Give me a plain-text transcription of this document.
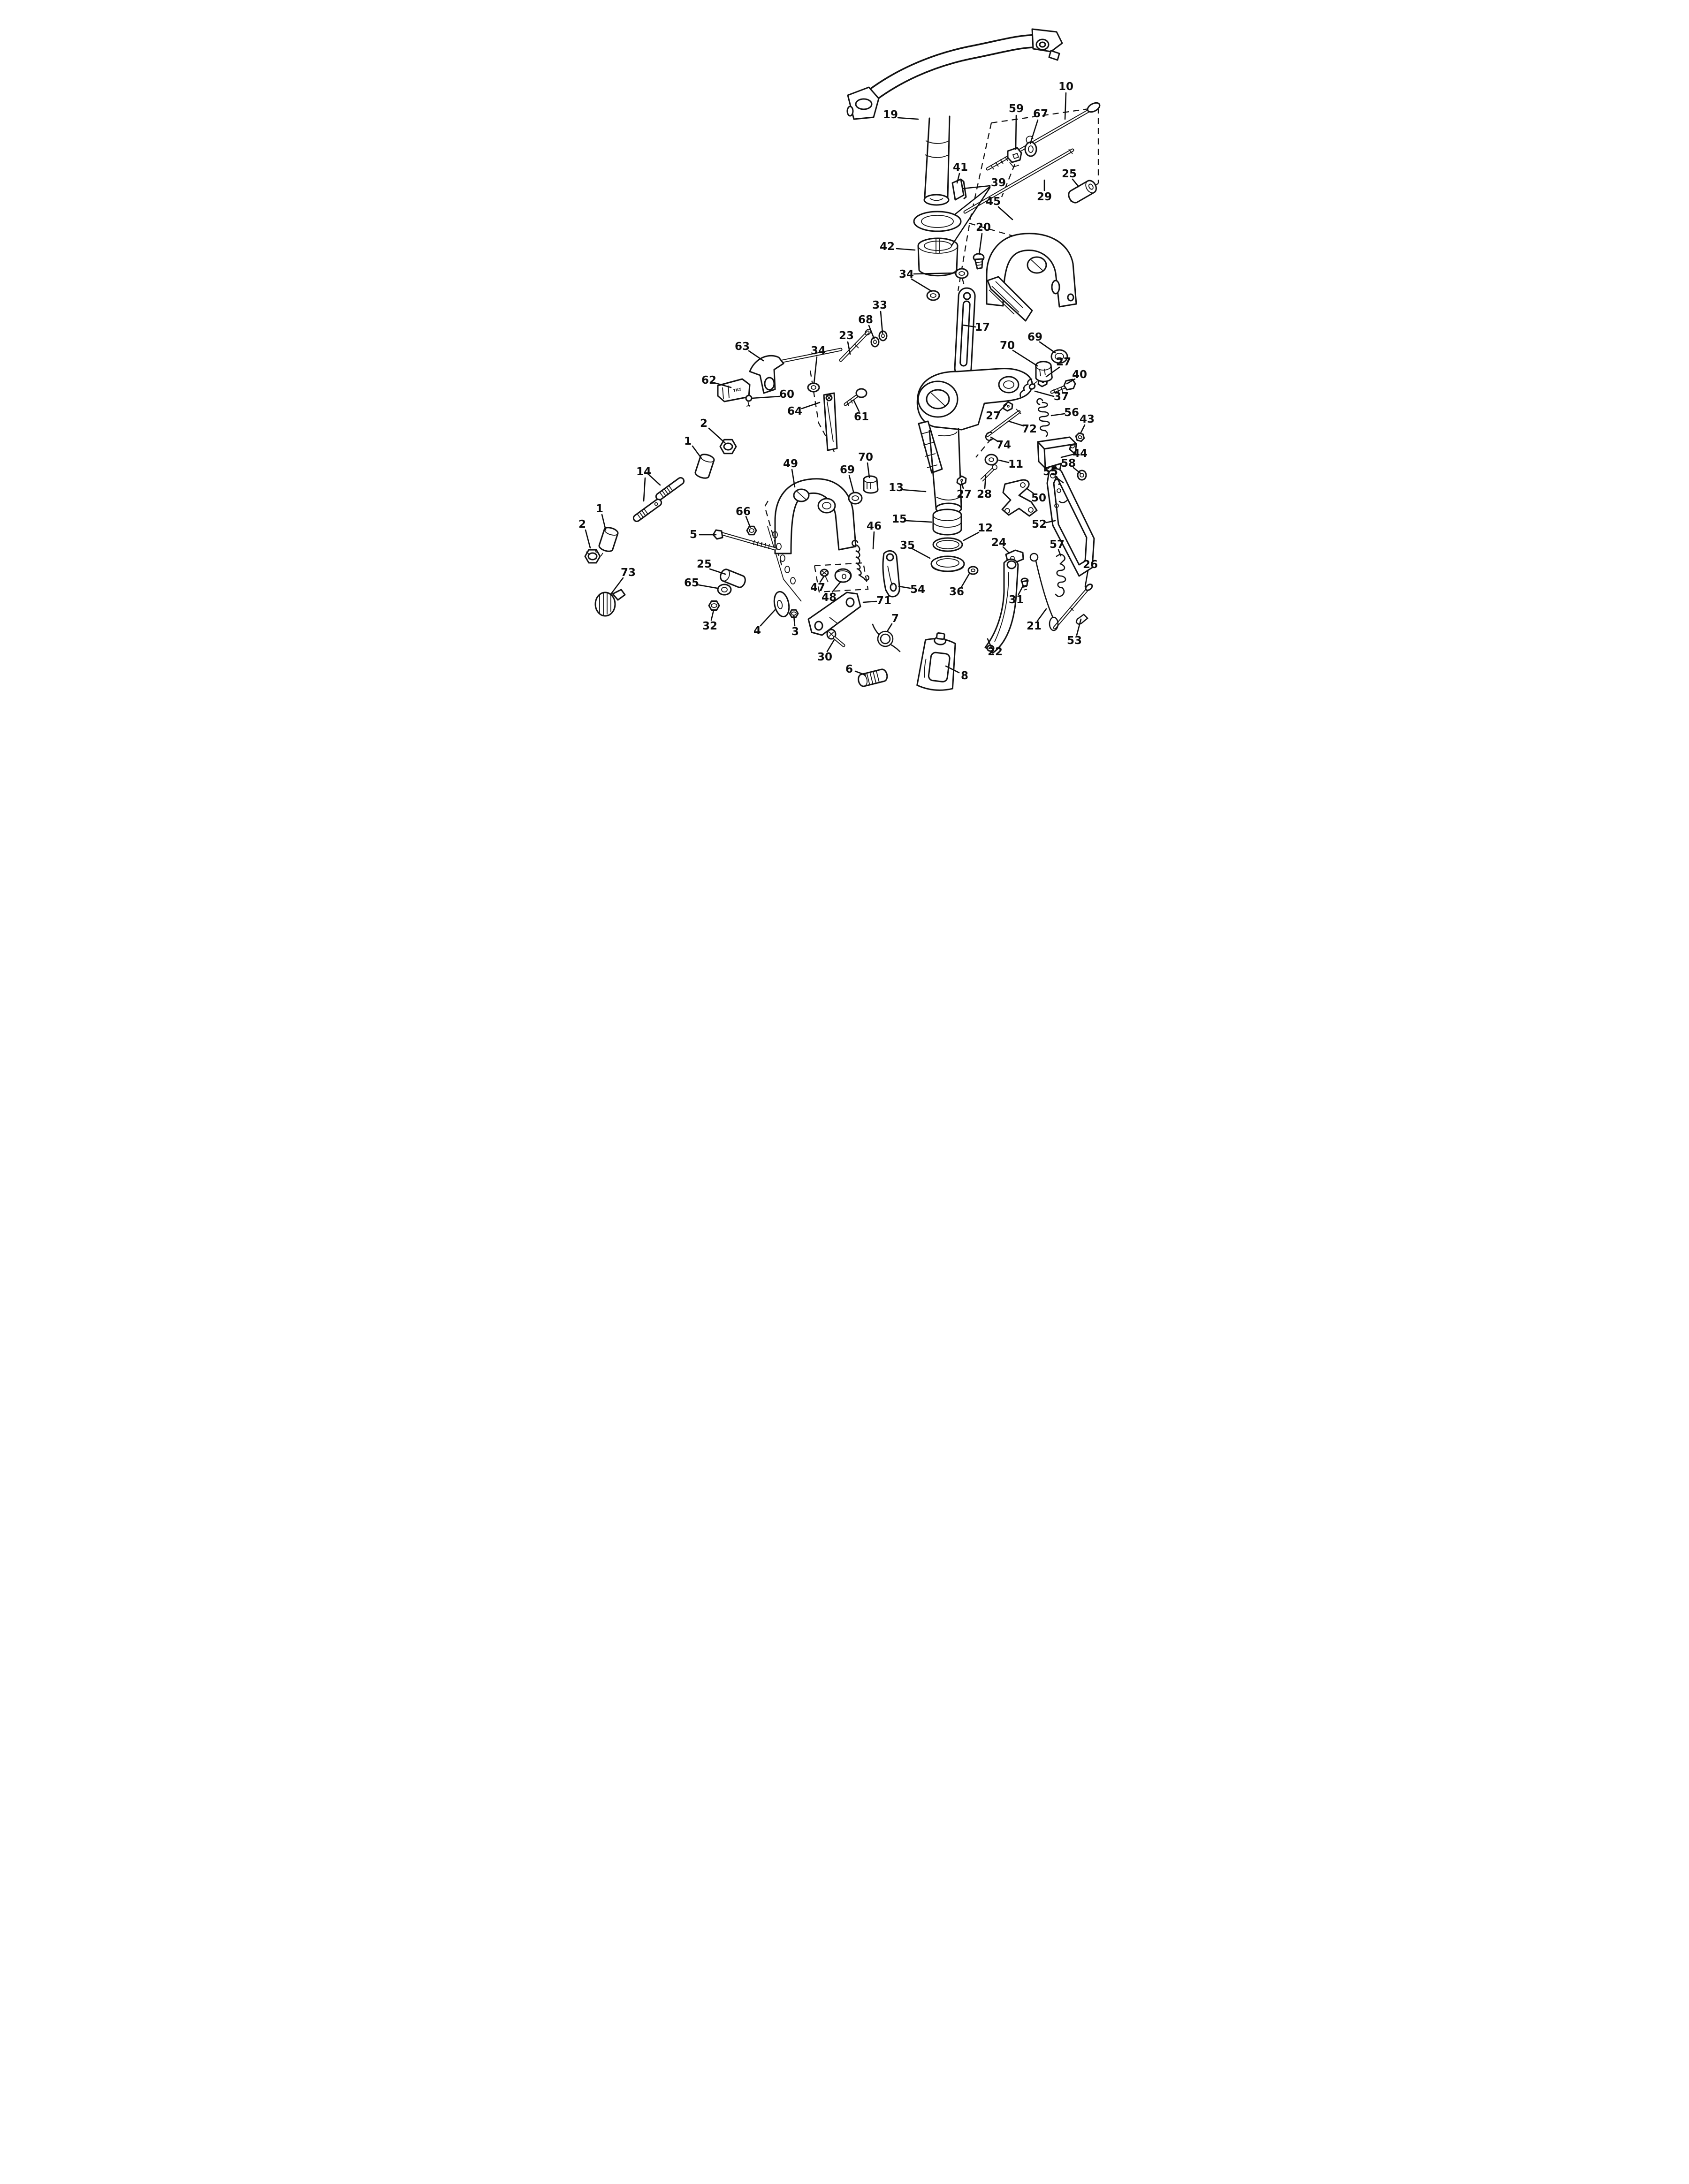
TILT
19
10
59 67
25
29
41
39
45
20
42
34
17
69
70
27
40
37
56
43
72
44
74
11	58
55
28
27
27	50
52
24	57
26
36
31
21
53
22
8
63
62
60
64	61
23
68
33
34
2
1
14
49
66
5
1
2
73
25
65
32	4	3
47
48	71
30
6
7
54
46
15
35
12
69
70
13
